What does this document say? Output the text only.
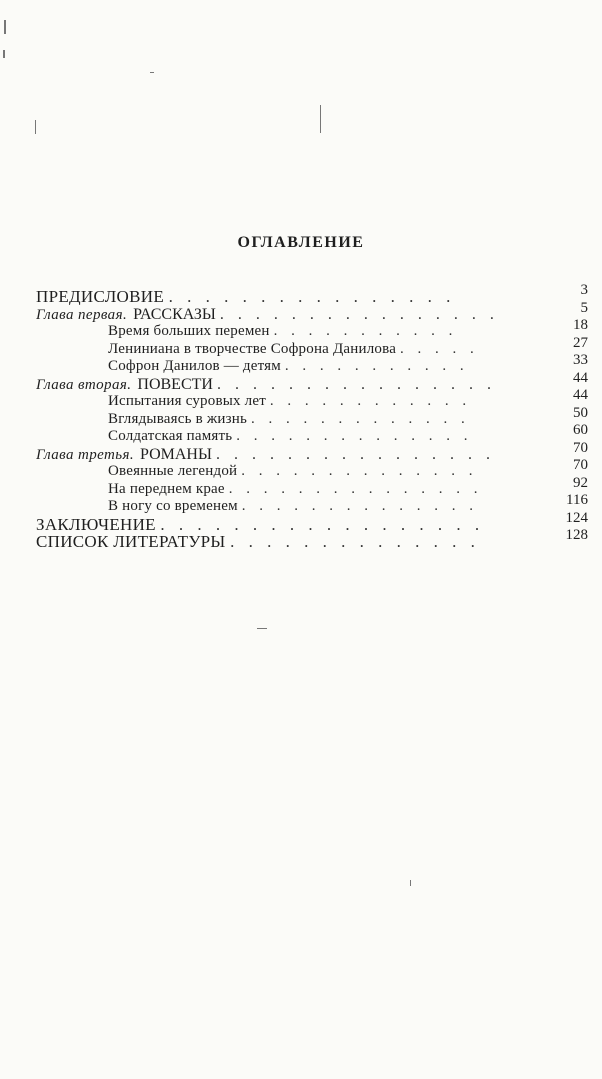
ОГЛАВЛЕНИЕ
ПРЕДИСЛОВИЕ . . . . . . . . . . . . . . . .	3
Глава первая. РАССКАЗЫ . . . . . . . . . . . . . . . .	5
Время больших перемен . . . . . . . . . . .	18
Лениниана в творчестве Софрона Данилова . . . . .	27
Софрон Данилов — детям . . . . . . . . . . .	33
Глава вторая. ПОВЕСТИ . . . . . . . . . . . . . . . .	44
Испытания суровых лет . . . . . . . . . . . .	44
Вглядываясь в жизнь . . . . . . . . . . . . .	50
Солдатская память . . . . . . . . . . . . . .	60
Глава третья. РОМАНЫ . . . . . . . . . . . . . . . .	70
Овеянные легендой . . . . . . . . . . . . . .	70
На переднем крае . . . . . . . . . . . . . . .	92
В ногу со временем . . . . . . . . . . . . . .	116
ЗАКЛЮЧЕНИЕ . . . . . . . . . . . . . . . . . .	124
СПИСОК ЛИТЕРАТУРЫ . . . . . . . . . . . . . .	128
